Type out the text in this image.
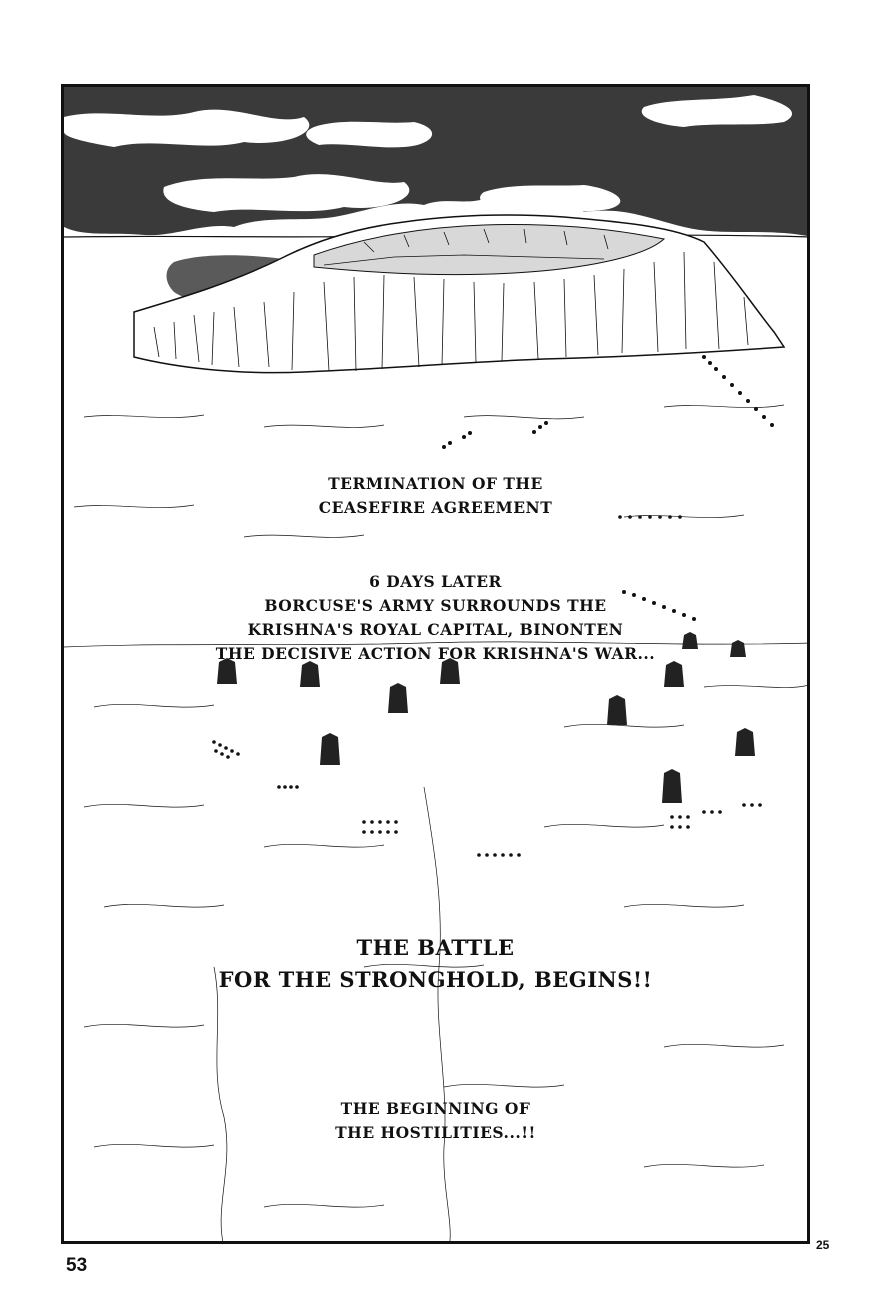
TERMINATION OF THE
CEASEFIRE AGREEMENT
6 DAYS LATER
BORCUSE'S ARMY SURROUNDS THE
KRISHNA'S ROYAL CAPITAL, BINONTEN
THE DECISIVE ACTION FOR KRISHNA'S WAR...
THE BATTLE
FOR THE STRONGHOLD, BEGINS!!
THE BEGINNING OF
THE HOSTILITIES...!!
25
53
